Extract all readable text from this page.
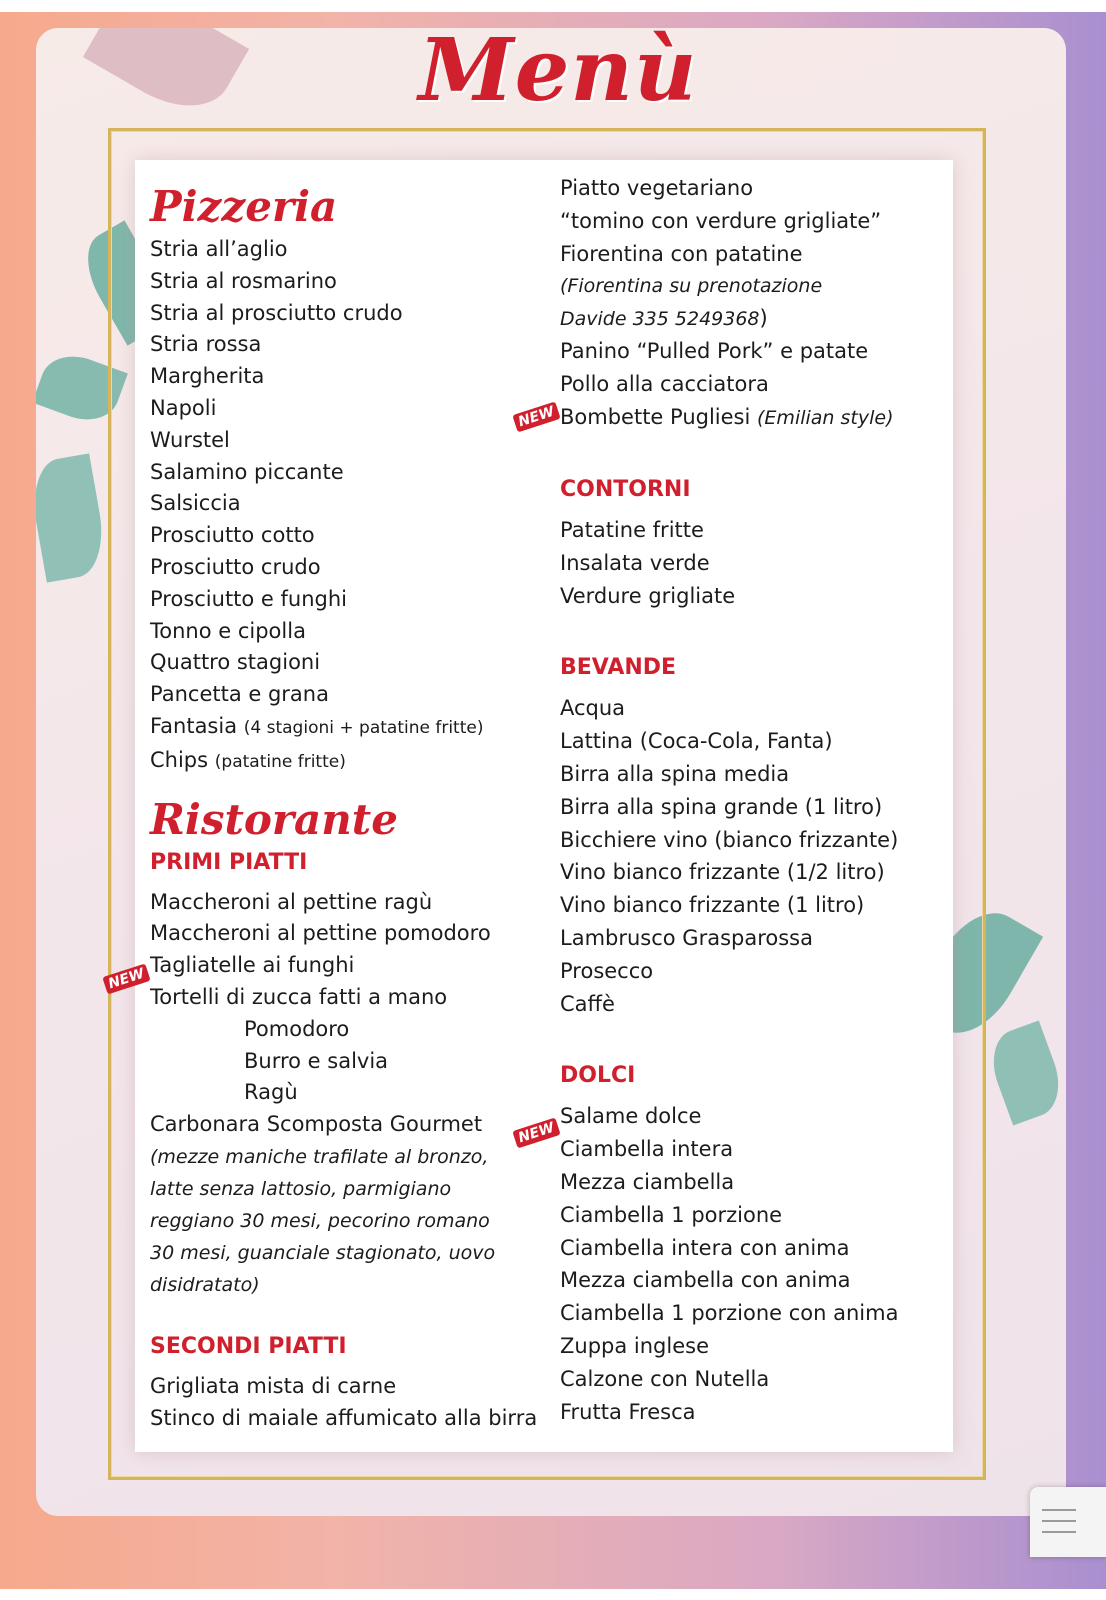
Menù

Pizzeria

Stria all’aglio

Stria al rosmarino

Stria al prosciutto crudo

Stria rossa

Margherita

Napoli

Wurstel

Salamino piccante

Salsiccia

Prosciutto cotto

Prosciutto crudo

Prosciutto e funghi

Tonno e cipolla

Quattro stagioni

Pancetta e grana

Fantasia (4 stagioni + patatine fritte)

Chips (patatine fritte)

Ristorante

PRIMI PIATTI

Maccheroni al pettine ragù

Maccheroni al pettine pomodoro

Tagliatelle ai funghi

Tortelli di zucca fatti a mano

Pomodoro

Burro e salvia

Ragù

Carbonara Scomposta Gourmet

(mezze maniche trafilate al bronzo,

latte senza lattosio, parmigiano

reggiano 30 mesi, pecorino romano

30 mesi, guanciale stagionato, uovo

disidratato)

SECONDI PIATTI

Grigliata mista di carne

Stinco di maiale affumicato alla birra

Piatto vegetariano

“tomino con verdure grigliate”

Fiorentina con patatine

(Fiorentina su prenotazione

Davide 335 5249368)

Panino “Pulled Pork” e patate

Pollo alla cacciatora

Bombette Pugliesi (Emilian style)

CONTORNI

Patatine fritte

Insalata verde

Verdure grigliate

BEVANDE

Acqua

Lattina (Coca-Cola, Fanta)

Birra alla spina media

Birra alla spina grande (1 litro)

Bicchiere vino (bianco frizzante)

Vino bianco frizzante (1/2 litro)

Vino bianco frizzante (1 litro)

Lambrusco Grasparossa

Prosecco

Caffè

DOLCI

Salame dolce

Ciambella intera

Mezza ciambella

Ciambella 1 porzione

Ciambella intera con anima

Mezza ciambella con anima

Ciambella 1 porzione con anima

Zuppa inglese

Calzone con Nutella

Frutta Fresca

NEW
NEW
NEW
